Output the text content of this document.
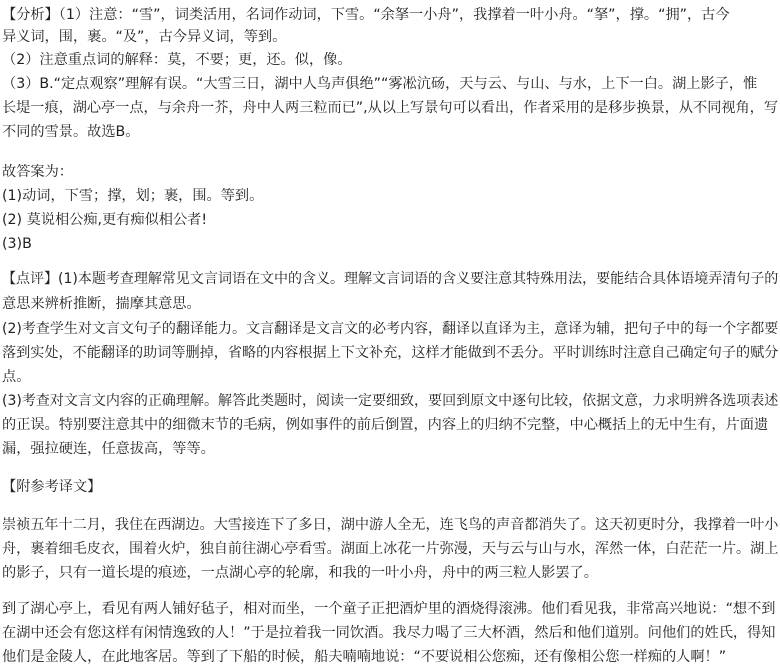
【分析】（1）注意：“雪”，词类活用，名词作动词，下雪。“余拏一小舟”，我撑着一叶小舟。“拏”，撑。“拥”，古今
异义词，围，裹。“及”，古今异义词，等到。
（2）注意重点词的解释：莫，不要；更，还。似，像。
（3）B.“定点观察”理解有误。“大雪三日，湖中人鸟声俱绝”“雾凇沆砀，天与云、与山、与水，上下一白。湖上影子，惟
长堤一痕，湖心亭一点，与余舟一芥，舟中人两三粒而已”,从以上写景句可以看出，作者采用的是移步换景，从不同视角，写
不同的雪景。故选B。
故答案为：
(1)动词，下雪；撑，划；裹，围。等到。
(2) 莫说相公痴,更有痴似相公者!
(3)B
【点评】(1)本题考查理解常见文言词语在文中的含义。理解文言词语的含义要注意其特殊用法，要能结合具体语境弄清句子的
意思来辨析推断，揣摩其意思。
(2)考查学生对文言文句子的翻译能力。文言翻译是文言文的必考内容，翻译以直译为主，意译为辅，把句子中的每一个字都要
落到实处，不能翻译的助词等删掉，省略的内容根据上下文补充，这样才能做到不丢分。平时训练时注意自己确定句子的赋分
点。
(3)考查对文言文内容的正确理解。解答此类题时，阅读一定要细致，要回到原文中逐句比较，依据文意，力求明辨各选项表述
的正误。特别要注意其中的细微末节的毛病，例如事件的前后倒置，内容上的归纳不完整，中心概括上的无中生有，片面遗
漏，强拉硬连，任意拔高，等等。
【附参考译文】
崇祯五年十二月，我住在西湖边。大雪接连下了多日，湖中游人全无，连飞鸟的声音都消失了。这天初更时分，我撑着一叶小
舟，裹着细毛皮衣，围着火炉，独自前往湖心亭看雪。湖面上冰花一片弥漫，天与云与山与水，浑然一体，白茫茫一片。湖上
的影子，只有一道长堤的痕迹，一点湖心亭的轮廓，和我的一叶小舟，舟中的两三粒人影罢了。
到了湖心亭上，看见有两人铺好毡子，相对而坐，一个童子正把酒炉里的酒烧得滚沸。他们看见我，非常高兴地说：“想不到
在湖中还会有您这样有闲情逸致的人！”于是拉着我一同饮酒。我尽力喝了三大杯酒，然后和他们道别。问他们的姓氏，得知
他们是金陵人，在此地客居。等到了下船的时候，船夫喃喃地说：“不要说相公您痴，还有像相公您一样痴的人啊！”
